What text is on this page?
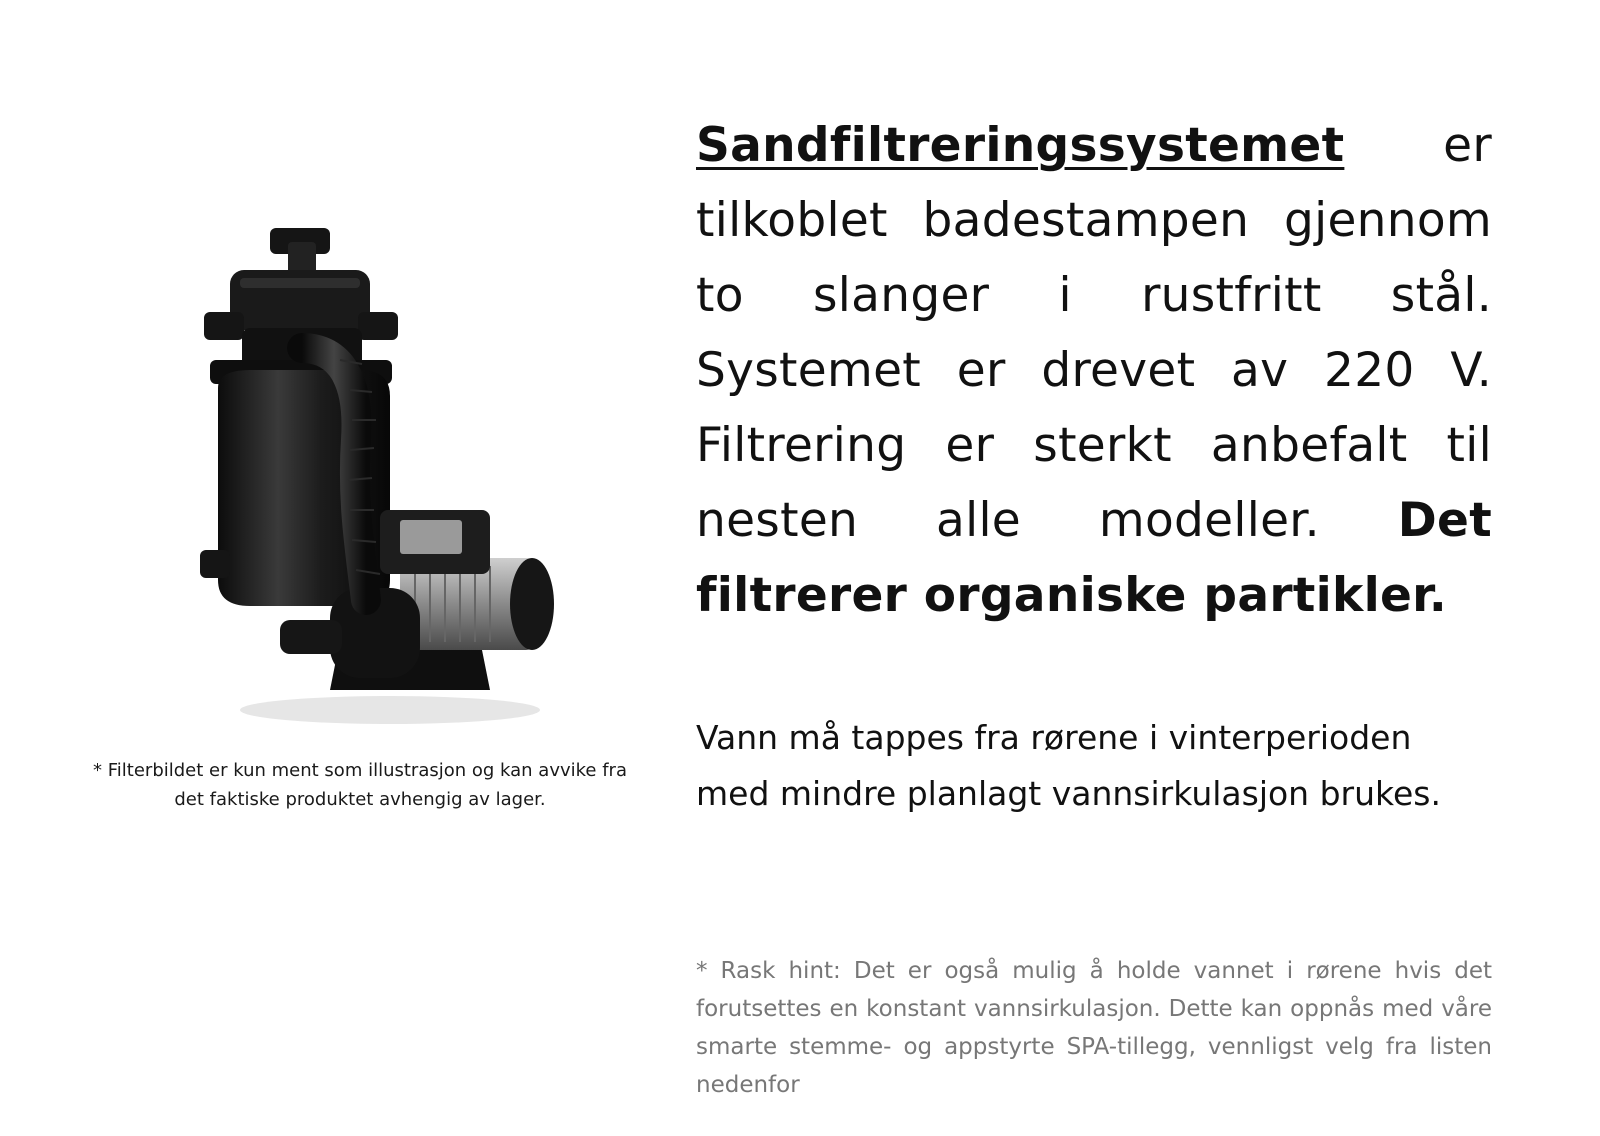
* Filterbildet er kun ment som illustrasjon og kan avvike fra det faktiske produktet avhengig av lager.
Sandfiltreringssystemet er tilkoblet badestampen gjennom to slanger i rustfritt stål. Systemet er drevet av 220 V. Filtrering er sterkt anbefalt til nesten alle modeller. Det filtrerer organiske partikler.
Vann må tappes fra rørene i vinterperioden med mindre planlagt vannsirkulasjon brukes.
* Rask hint: Det er også mulig å holde vannet i rørene hvis det forutsettes en konstant vannsirkulasjon. Dette kan oppnås med våre smarte stemme- og appstyrte SPA-tillegg, vennligst velg fra listen nedenfor
